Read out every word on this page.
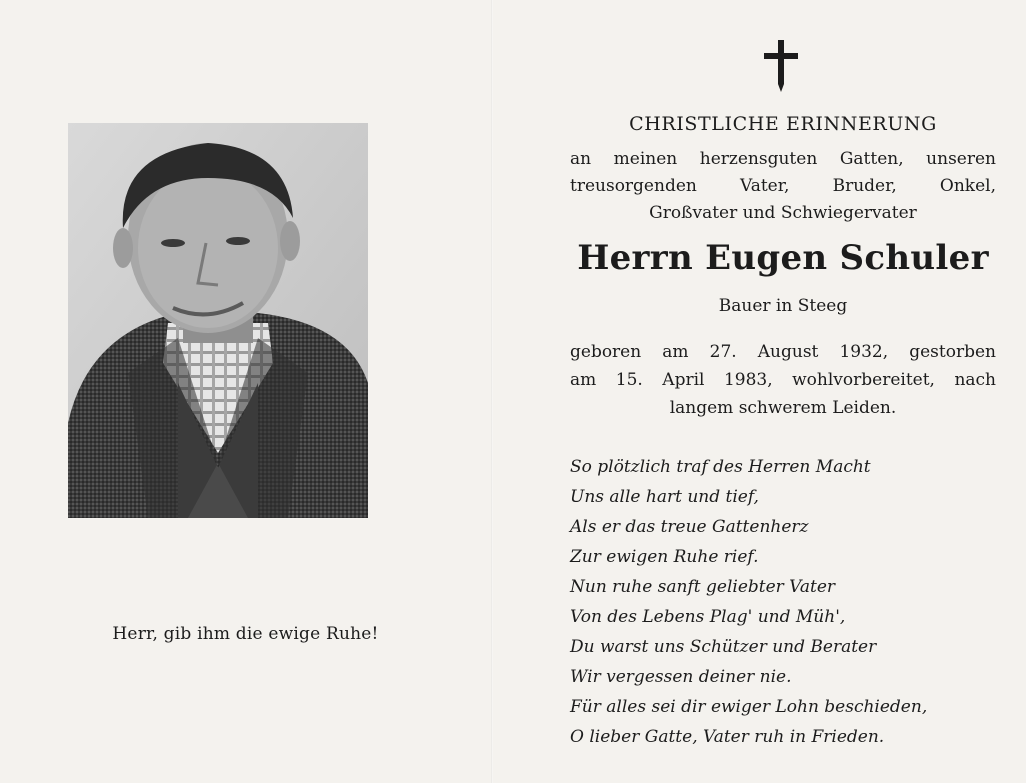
Herr, gib ihm die ewige Ruhe!
CHRISTLICHE ERINNERUNG
an meinen herzensguten Gatten, unseren
treusorgenden Vater, Bruder, Onkel,
Großvater und Schwiegervater
Herrn Eugen Schuler
Bauer in Steeg
geboren am 27. August 1932, gestorben
am 15. April 1983, wohlvorbereitet, nach
langem schwerem Leiden.
So plötzlich traf des Herren Macht
Uns alle hart und tief,
Als er das treue Gattenherz
Zur ewigen Ruhe rief.
Nun ruhe sanft geliebter Vater
Von des Lebens Plag' und Müh',
Du warst uns Schützer und Berater
Wir vergessen deiner nie.
Für alles sei dir ewiger Lohn beschieden,
O lieber Gatte, Vater ruh in Frieden.
